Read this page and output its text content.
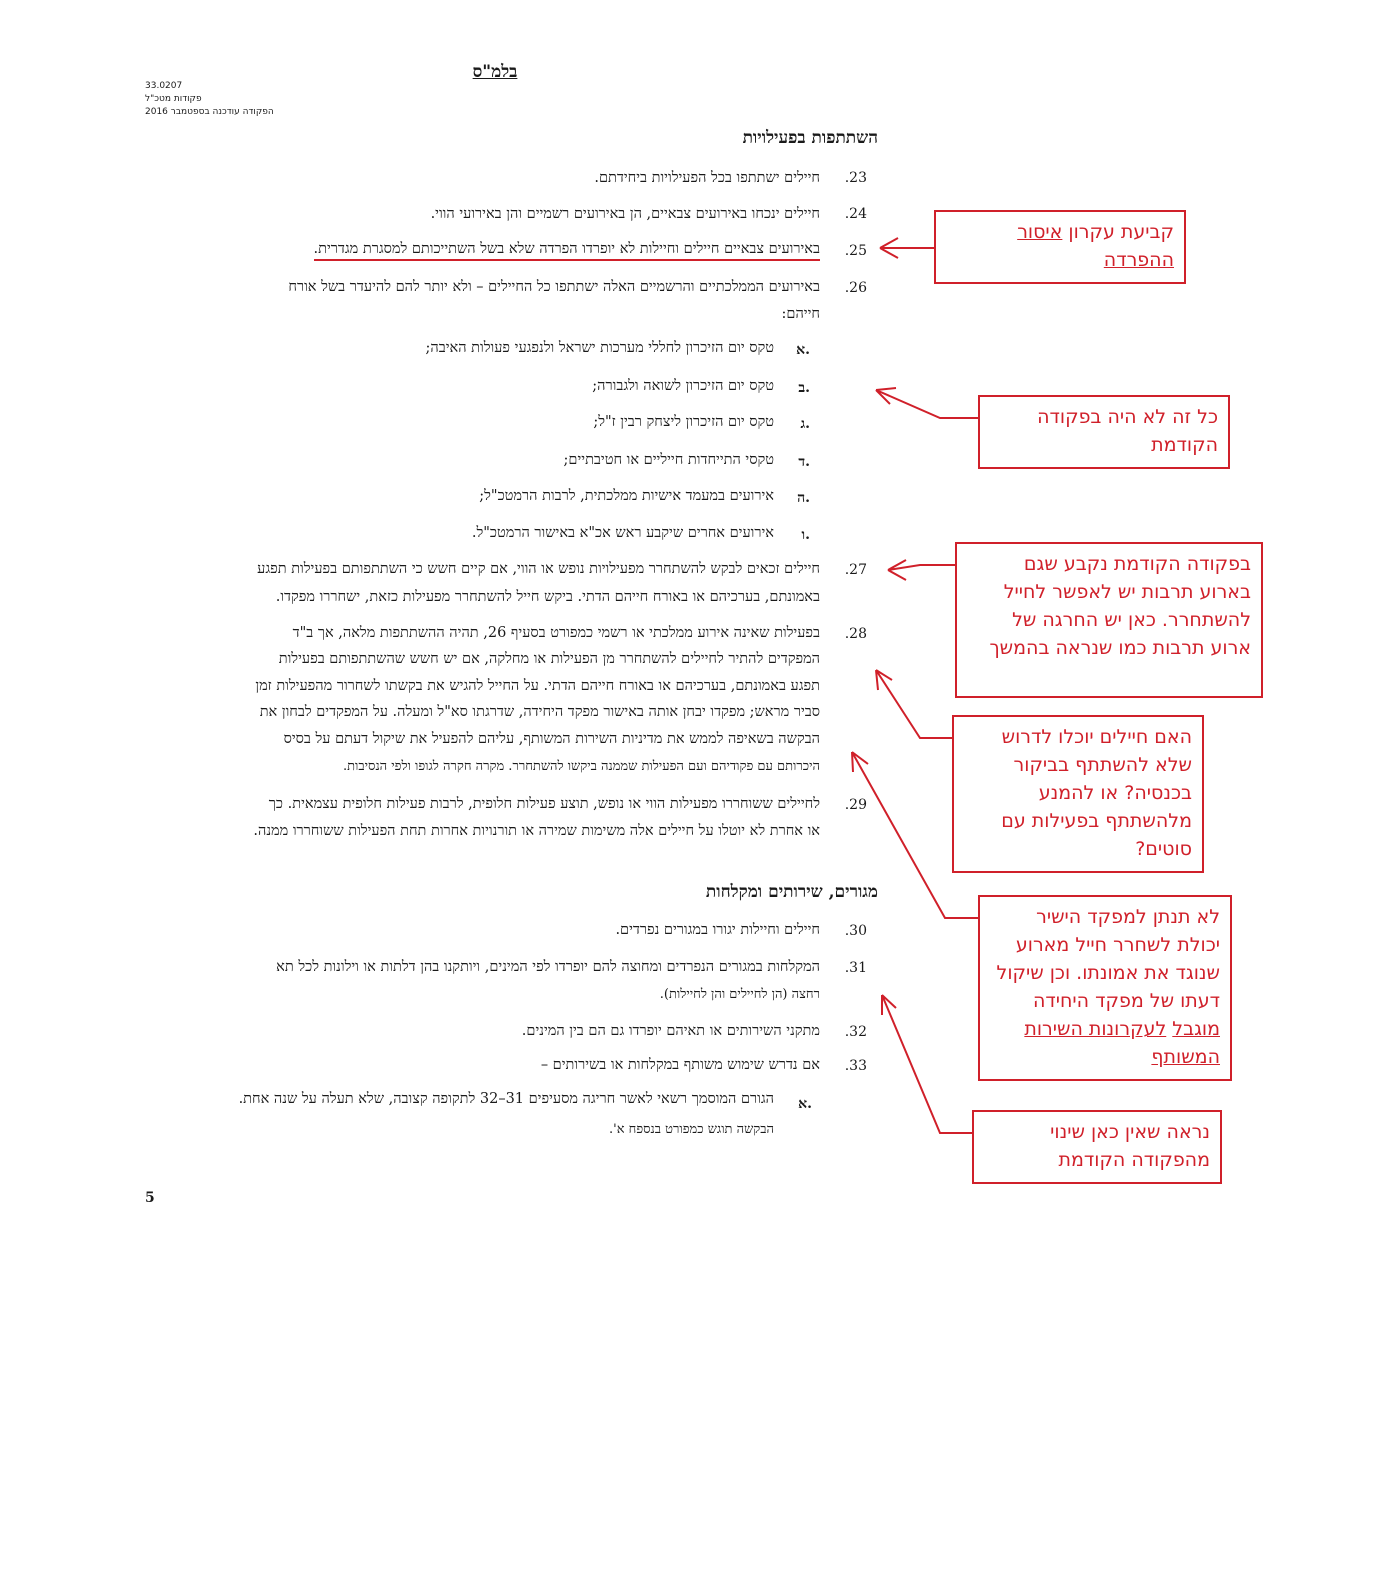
בלמ"ס
33.0207
פקודות מטכ"ל
הפקודה עודכנה בספטמבר 2016
השתתפות בפעילויות
.23
חיילים ישתתפו בכל הפעילויות ביחידתם.
.24
חיילים ינכחו באירועים צבאיים, הן באירועים רשמיים והן באירועי הווי.
.25
באירועים צבאיים חיילים וחיילות לא יופרדו הפרדה שלא בשל השתייכותם למסגרת מגדרית.
.26
באירועים הממלכתיים והרשמיים האלה ישתתפו כל החיילים – ולא יותר להם להיעדר בשל אורח
חייהם:
.א
טקס יום הזיכרון לחללי מערכות ישראל ולנפגעי פעולות האיבה;
.ב
טקס יום הזיכרון לשואה ולגבורה;
.ג
טקס יום הזיכרון ליצחק רבין ז"ל;
.ד
טקסי התייחדות חייליים או חטיבתיים;
.ה
אירועים במעמד אישיות ממלכתית, לרבות הרמטכ"ל;
.ו
אירועים אחרים שיקבע ראש אכ"א באישור הרמטכ"ל.
.27
חיילים זכאים לבקש להשתחרר מפעילויות נופש או הווי, אם קיים חשש כי השתתפותם בפעילות תפגע
באמונתם, בערכיהם או באורח חייהם הדתי. ביקש חייל להשתחרר מפעילות כזאת, ישחררו מפקדו.
.28
בפעילות שאינה אירוע ממלכתי או רשמי כמפורט בסעיף 26, תהיה ההשתתפות מלאה, אך ב"ד
המפקדים להתיר לחיילים להשתחרר מן הפעילות או מחלקה, אם יש חשש שהשתתפותם בפעילות
תפגע באמונתם, בערכיהם או באורח חייהם הדתי. על החייל להגיש את בקשתו לשחרור מהפעילות זמן
סביר מראש; מפקדו יבחן אותה באישור מפקד היחידה, שדרגתו סא"ל ומעלה. על המפקדים לבחון את
הבקשה בשאיפה לממש את מדיניות השירות המשותף, עליהם להפעיל את שיקול דעתם על בסיס
היכרותם עם פקודיהם ועם הפעילות שממנה ביקשו להשתחרר. מקרה חקרה לגופו ולפי הנסיבות.
.29
לחיילים ששוחררו מפעילות הווי או נופש, תוצע פעילות חלופית, לרבות פעילות חלופית עצמאית. כך
או אחרת לא יוטלו על חיילים אלה משימות שמירה או תורנויות אחרות תחת הפעילות ששוחררו ממנה.
מגורים, שירותים ומקלחות
.30
חיילים וחיילות יגורו במגורים נפרדים.
.31
המקלחות במגורים הנפרדים ומחוצה להם יופרדו לפי המינים, ויותקנו בהן דלתות או וילונות לכל תא
רחצה (הן לחיילים והן לחיילות).
.32
מתקני השירותים או תאיהם יופרדו גם הם בין המינים.
.33
אם נדרש שימוש משותף במקלחות או בשירותים –
.א
הגורם המוסמך רשאי לאשר חריגה מסעיפים 31–32 לתקופה קצובה, שלא תעלה על שנה אחת.
הבקשה תוגש כמפורט בנספח א'.
5
קביעת עקרון איסור
ההפרדה
כל זה לא היה בפקודה הקודמת
בפקודה הקודמת נקבע שגם בארוע תרבות יש לאפשר לחייל להשתחרר. כאן יש החרגה של ארוע תרבות כמו שנראה בהמשך
האם חיילים יוכלו לדרוש שלא להשתתף בביקור בכנסיה? או להמנע מלהשתתף בפעילות עם סוטים?
לא תנתן למפקד הישיר יכולת לשחרר חייל מארוע שנוגד את אמונתו. וכן שיקול דעתו של מפקד היחידה מוגבל לעקרונות השירות המשותף
נראה שאין כאן שינוי מהפקודה הקודמת
